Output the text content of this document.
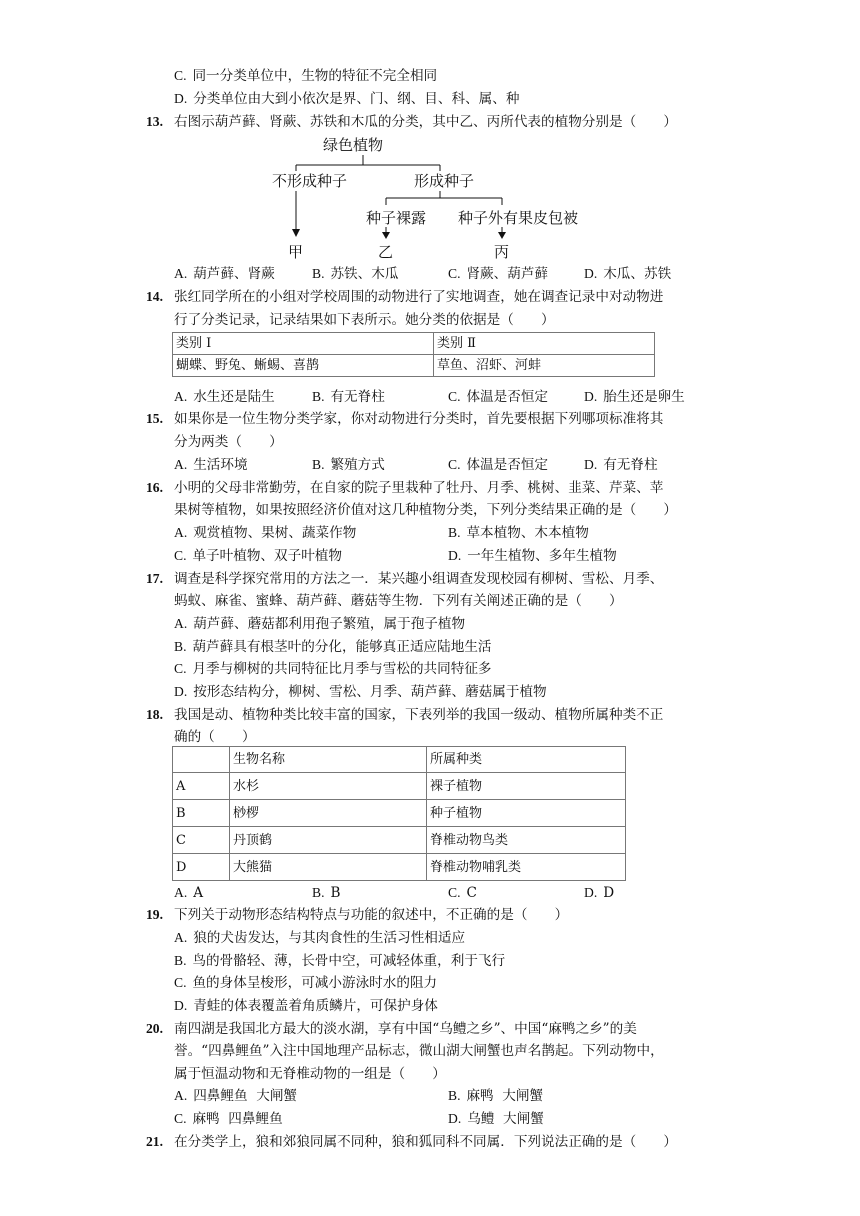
C. 同一分类单位中，生物的特征不完全相同
D. 分类单位由大到小依次是界、门、纲、目、科、属、种
13. 右图示葫芦藓、肾蕨、苏铁和木瓜的分类，其中乙、丙所代表的植物分别是（　　）
绿色植物
不形成种子	形成种子
种子裸露 种子外有果皮包被
甲	乙	丙
A. 葫芦藓、肾蕨	B. 苏铁、木瓜	C. 肾蕨、葫芦藓	D. 木瓜、苏铁
14. 张红同学所在的小组对学校周围的动物进行了实地调查，她在调查记录中对动物进
行了分类记录，记录结果如下表所示。她分类的依据是（　　）
类别 I	类别 Ⅱ
蝴蝶、野兔、蜥蜴、喜鹊	草鱼、沼虾、河蚌
A. 水生还是陆生	B. 有无脊柱	C. 体温是否恒定	D. 胎生还是卵生
15. 如果你是一位生物分类学家，你对动物进行分类时，首先要根据下列哪项标准将其
分为两类（　　）
A. 生活环境	B. 繁殖方式	C. 体温是否恒定	D. 有无脊柱
16. 小明的父母非常勤劳，在自家的院子里栽种了牡丹、月季、桃树、韭菜、芹菜、苹
果树等植物，如果按照经济价值对这几种植物分类，下列分类结果正确的是（　　）
A. 观赏植物、果树、蔬菜作物	B. 草本植物、木本植物
C. 单子叶植物、双子叶植物	D. 一年生植物、多年生植物
17. 调查是科学探究常用的方法之一．某兴趣小组调查发现校园有柳树、雪松、月季、
蚂蚁、麻雀、蜜蜂、葫芦藓、蘑菇等生物．下列有关阐述正确的是（　　）
A. 葫芦藓、蘑菇都利用孢子繁殖，属于孢子植物
B. 葫芦藓具有根茎叶的分化，能够真正适应陆地生活
C. 月季与柳树的共同特征比月季与雪松的共同特征多
D. 按形态结构分，柳树、雪松、月季、葫芦藓、蘑菇属于植物
18. 我国是动、植物种类比较丰富的国家，下表列举的我国一级动、植物所属种类不正
确的（　　）
	生物名称	所属种类
A	水杉	裸子植物
B	桫椤	种子植物
C	丹顶鹤	脊椎动物鸟类
D	大熊猫	脊椎动物哺乳类
A. A	B. B	C. C	D. D
19. 下列关于动物形态结构特点与功能的叙述中，不正确的是（　　）
A. 狼的犬齿发达，与其肉食性的生活习性相适应
B. 鸟的骨骼轻、薄，长骨中空，可减轻体重，利于飞行
C. 鱼的身体呈梭形，可减小游泳时水的阻力
D. 青蛙的体表覆盖着角质鳞片，可保护身体
20. 南四湖是我国北方最大的淡水湖，享有中国“乌鳢之乡”、中国“麻鸭之乡”的美
誉。“四鼻鲤鱼”入注中国地理产品标志，微山湖大闸蟹也声名鹊起。下列动物中，
属于恒温动物和无脊椎动物的一组是（　　）
A. 四鼻鲤鱼  大闸蟹	B. 麻鸭  大闸蟹
C. 麻鸭  四鼻鲤鱼	D. 乌鳢  大闸蟹
21. 在分类学上，狼和郊狼同属不同种，狼和狐同科不同属．下列说法正确的是（　　）
